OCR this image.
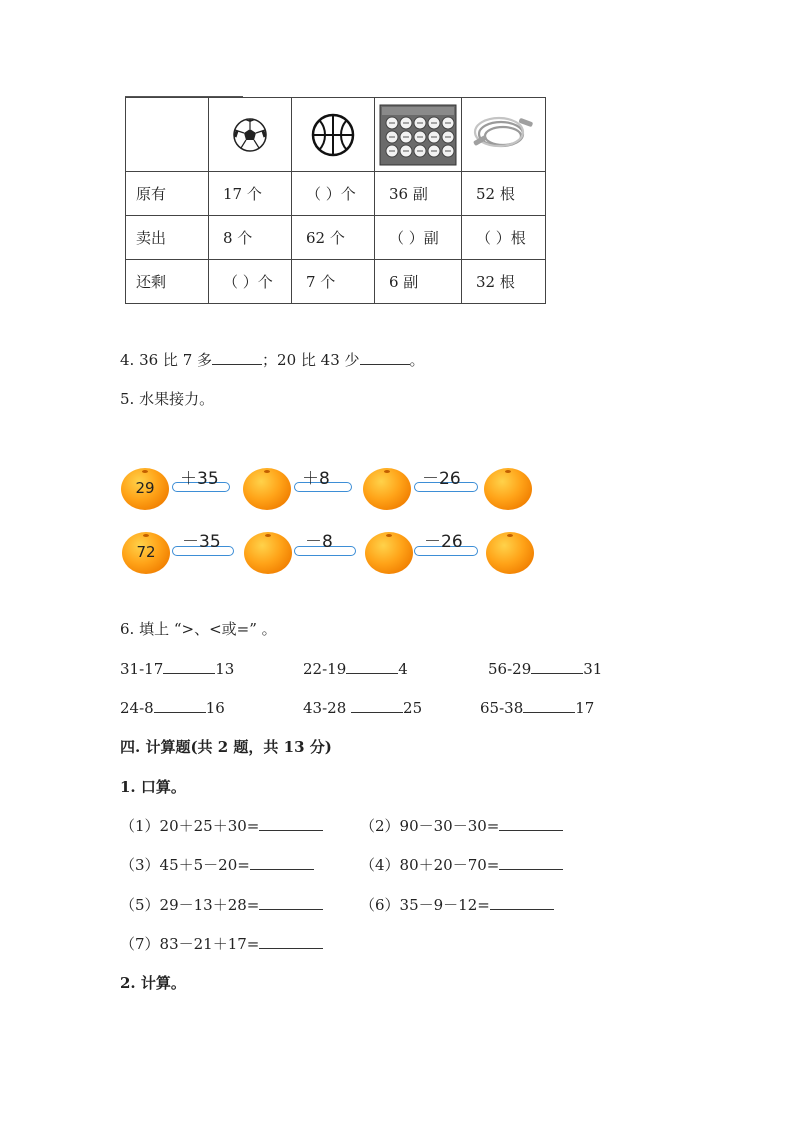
原有	17 个	（ ）个	36 副	52 根
卖出	8 个	62 个	（ ）副	（ ）根
还剩	（ ）个	7 个	6 副	32 根
4. 36 比 7 多	；20 比 43 少	。
5. 水果接力。
29	＋35	＋8	－26
72	－35	－8	－26
6. 填上 “>、<或=” 。
31-17	13	22-19	4	56-29	31
24-8	16	43-28	25	65-38	17
四. 计算题(共 2 题，共 13 分)
1. 口算。
（1）20＋25＋30=	（2）90－30－30=
（3）45＋5－20=	（4）80＋20－70=
（5）29－13＋28=	（6）35－9－12=
（7）83－21＋17=
2. 计算。
